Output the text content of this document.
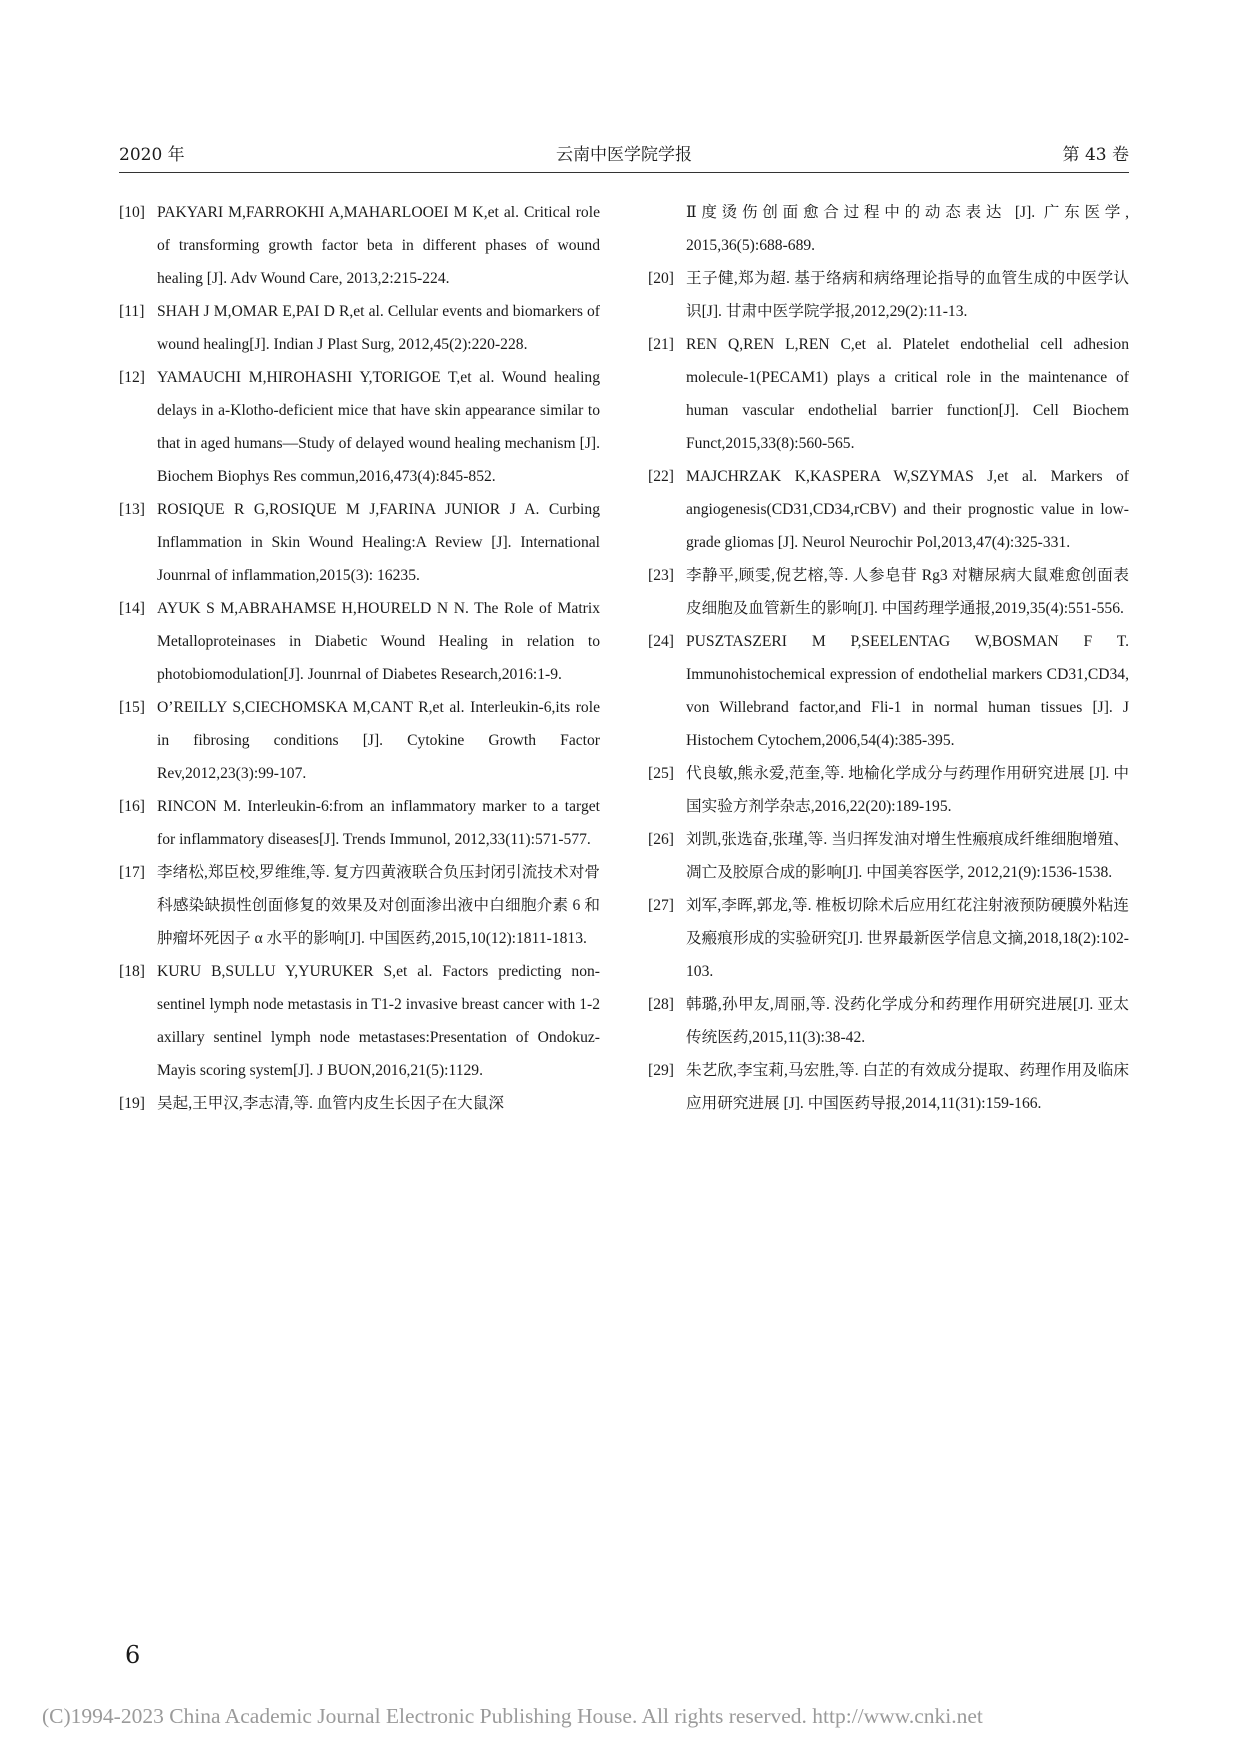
2020 年	云南中医学院学报	第 43 卷

[10] PAKYARI M,FARROKHI A,MAHARLOOEI M K,et al. Critical role of transforming growth factor beta in different phases of wound healing [J]. Adv Wound Care, 2013,2:215-224.

[11] SHAH J M,OMAR E,PAI D R,et al. Cellular events and biomarkers of wound healing[J]. Indian J Plast Surg, 2012,45(2):220-228.

[12] YAMAUCHI M,HIROHASHI Y,TORIGOE T,et al. Wound healing delays in a-Klotho-deficient mice that have skin appearance similar to that in aged humans—Study of delayed wound healing mechanism [J]. Biochem Biophys Res commun,2016,473(4):845-852.

[13] ROSIQUE R G,ROSIQUE M J,FARINA JUNIOR J A. Curbing Inflammation in Skin Wound Healing:A Review [J]. International Jounrnal of inflammation,2015(3): 16235.

[14] AYUK S M,ABRAHAMSE H,HOURELD N N. The Role of Matrix Metalloproteinases in Diabetic Wound Healing in relation to photobiomodulation[J]. Jounrnal of Diabetes Research,2016:1-9.

[15] O’REILLY S,CIECHOMSKA M,CANT R,et al. Interleukin-6,its role in fibrosing conditions [J]. Cytokine Growth Factor Rev,2012,23(3):99-107.

[16] RINCON M. Interleukin-6:from an inflammatory marker to a target for inflammatory diseases[J]. Trends Immunol, 2012,33(11):571-577.

[17] 李绪松,郑臣校,罗维维,等. 复方四黄液联合负压封闭引流技术对骨科感染缺损性创面修复的效果及对创面渗出液中白细胞介素 6 和肿瘤坏死因子 α 水平的影响[J]. 中国医药,2015,10(12):1811-1813.

[18] KURU B,SULLU Y,YURUKER S,et al. Factors predicting non-sentinel lymph node metastasis in T1-2 invasive breast cancer with 1-2 axillary sentinel lymph node metastases:Presentation of Ondokuz-Mayis scoring system[J]. J BUON,2016,21(5):1129.

[19] 吴起,王甲汉,李志清,等. 血管内皮生长因子在大鼠深

Ⅱ度烫伤创面愈合过程中的动态表达 [J]. 广东医学, 2015,36(5):688-689.

[20] 王子健,郑为超. 基于络病和病络理论指导的血管生成的中医学认识[J]. 甘肃中医学院学报,2012,29(2):11-13.

[21] REN Q,REN L,REN C,et al. Platelet endothelial cell adhesion molecule-1(PECAM1) plays a critical role in the maintenance of human vascular endothelial barrier function[J]. Cell Biochem Funct,2015,33(8):560-565.

[22] MAJCHRZAK K,KASPERA W,SZYMAS J,et al. Markers of angiogenesis(CD31,CD34,rCBV) and their prognostic value in low-grade gliomas [J]. Neurol Neurochir Pol,2013,47(4):325-331.

[23] 李静平,顾雯,倪艺榕,等. 人参皂苷 Rg3 对糖尿病大鼠难愈创面表皮细胞及血管新生的影响[J]. 中国药理学通报,2019,35(4):551-556.

[24] PUSZTASZERI M P,SEELENTAG W,BOSMAN F T. Immunohistochemical expression of endothelial markers CD31,CD34, von Willebrand factor,and Fli-1 in normal human tissues [J]. J Histochem Cytochem,2006,54(4):385-395.

[25] 代良敏,熊永爱,范奎,等. 地榆化学成分与药理作用研究进展 [J]. 中国实验方剂学杂志,2016,22(20):189-195.

[26] 刘凯,张选奋,张瑾,等. 当归挥发油对增生性瘢痕成纤维细胞增殖、凋亡及胶原合成的影响[J]. 中国美容医学, 2012,21(9):1536-1538.

[27] 刘军,李晖,郭龙,等. 椎板切除术后应用红花注射液预防硬膜外粘连及瘢痕形成的实验研究[J]. 世界最新医学信息文摘,2018,18(2):102-103.

[28] 韩璐,孙甲友,周丽,等. 没药化学成分和药理作用研究进展[J]. 亚太传统医药,2015,11(3):38-42.

[29] 朱艺欣,李宝莉,马宏胜,等. 白芷的有效成分提取、药理作用及临床应用研究进展 [J]. 中国医药导报,2014,11(31):159-166.

6
(C)1994-2023 China Academic Journal Electronic Publishing House. All rights reserved. http://www.cnki.net
